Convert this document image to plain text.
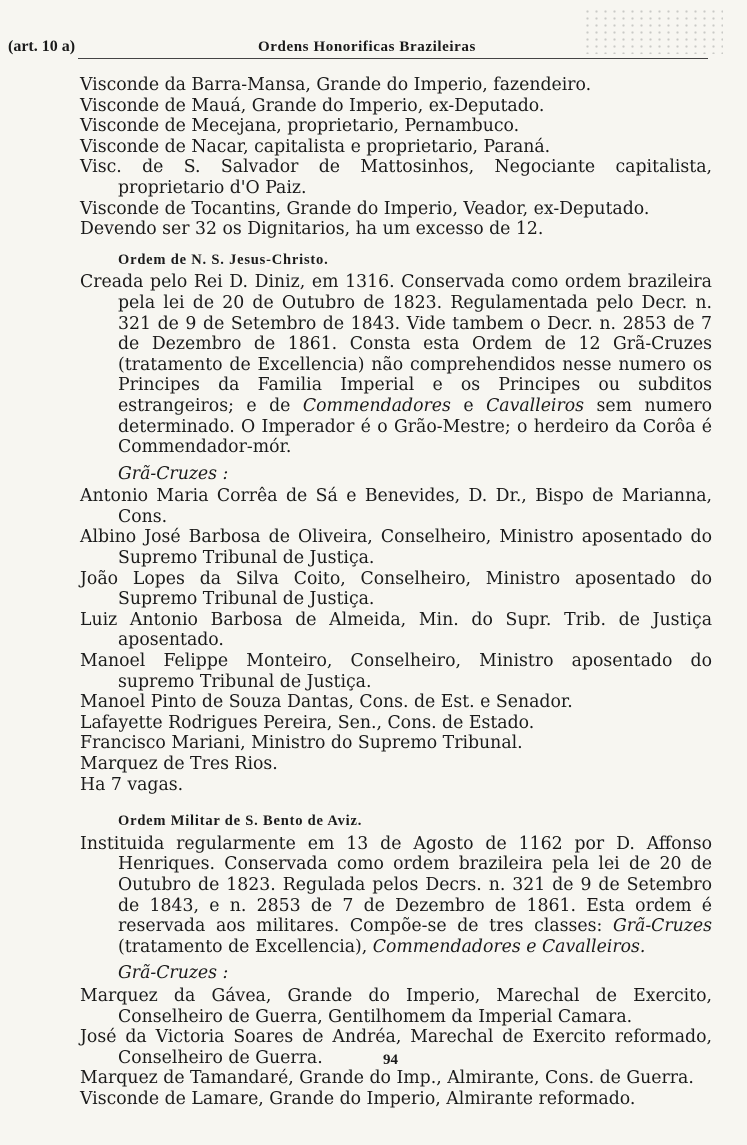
(art. 10 a)	Ordens Honorificas Brazileiras

Visconde da Barra-Mansa, Grande do Imperio, fazendeiro.

Visconde de Mauá, Grande do Imperio, ex-Deputado.

Visconde de Mecejana, proprietario, Pernambuco.

Visconde de Nacar, capitalista e proprietario, Paraná.

Visc. de S. Salvador de Mattosinhos, Negociante capitalista, proprietario d'O Paiz.

Visconde de Tocantins, Grande do Imperio, Veador, ex-Deputado.

Devendo ser 32 os Dignitarios, ha um excesso de 12.

Ordem de N. S. Jesus-Christo.

Creada pelo Rei D. Diniz, em 1316. Conservada como ordem brazileira pela lei de 20 de Outubro de 1823. Regulamentada pelo Decr. n. 321 de 9 de Setembro de 1843. Vide tambem o Decr. n. 2853 de 7 de Dezembro de 1861. Consta esta Ordem de 12 Grã-Cruzes (tratamento de Excellencia) não comprehendidos nesse numero os Principes da Familia Imperial e os Principes ou subditos estrangeiros; e de Commendadores e Cavalleiros sem numero determinado. O Imperador é o Grão-Mestre; o herdeiro da Corôa é Commendador-mór.

Grã-Cruzes :

Antonio Maria Corrêa de Sá e Benevides, D. Dr., Bispo de Marianna, Cons.

Albino José Barbosa de Oliveira, Conselheiro, Ministro aposentado do Supremo Tribunal de Justiça.

João Lopes da Silva Coito, Conselheiro, Ministro aposentado do Supremo Tribunal de Justiça.

Luiz Antonio Barbosa de Almeida, Min. do Supr. Trib. de Justiça aposentado.

Manoel Felippe Monteiro, Conselheiro, Ministro aposentado do supremo Tribunal de Justiça.

Manoel Pinto de Souza Dantas, Cons. de Est. e Senador.

Lafayette Rodrigues Pereira, Sen., Cons. de Estado.

Francisco Mariani, Ministro do Supremo Tribunal.

Marquez de Tres Rios.

Ha 7 vagas.

Ordem Militar de S. Bento de Aviz.

Instituida regularmente em 13 de Agosto de 1162 por D. Affonso Henriques. Conservada como ordem brazileira pela lei de 20 de Outubro de 1823. Regulada pelos Decrs. n. 321 de 9 de Setembro de 1843, e n. 2853 de 7 de Dezembro de 1861. Esta ordem é reservada aos militares. Compõe-se de tres classes: Grã-Cruzes (tratamento de Excellencia), Commendadores e Cavalleiros.

Grã-Cruzes :

Marquez da Gávea, Grande do Imperio, Marechal de Exercito, Conselheiro de Guerra, Gentilhomem da Imperial Camara.

José da Victoria Soares de Andréa, Marechal de Exercito reformado, Conselheiro de Guerra.

Marquez de Tamandaré, Grande do Imp., Almirante, Cons. de Guerra.

Visconde de Lamare, Grande do Imperio, Almirante reformado.

94
